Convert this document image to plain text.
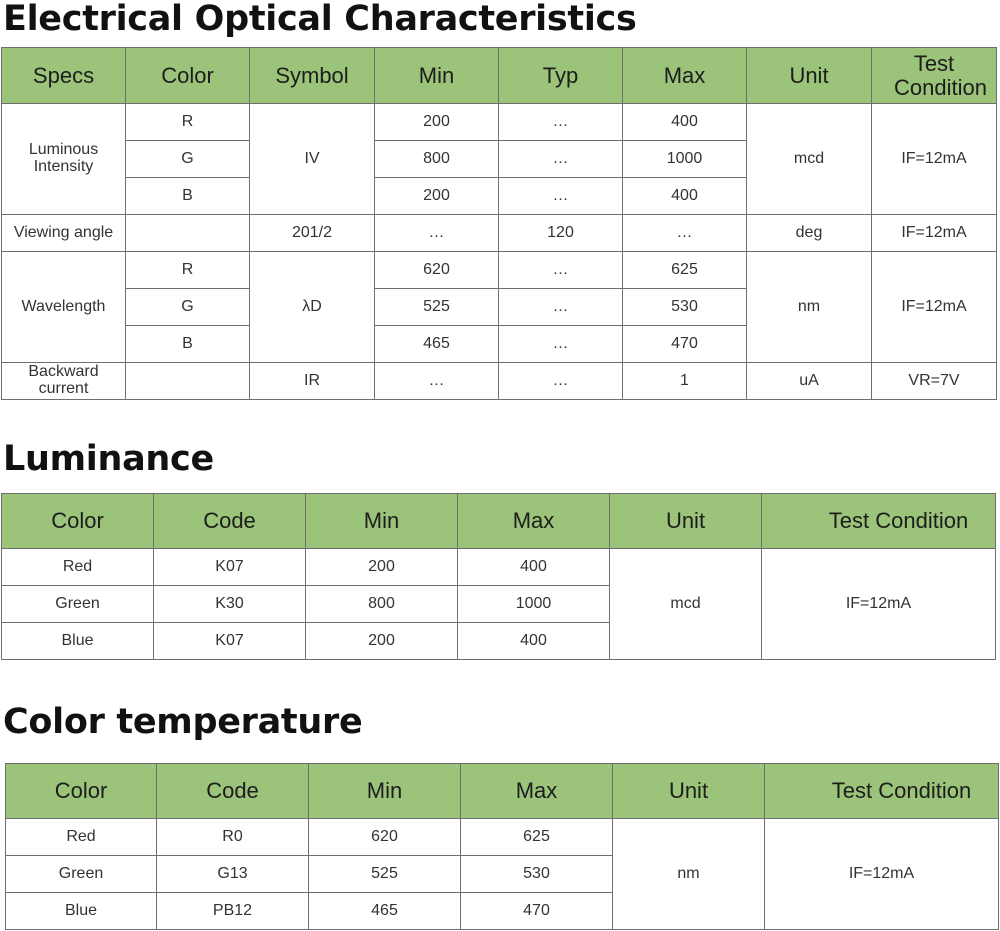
Electrical Optical Characteristics
Specs	Color	Symbol	Min	Typ	Max	Unit	Test Condition
Luminous Intensity	R	IV	200	…	400	mcd	IF=12mA
	G		800	…	1000		
	B		200	…	400		
Viewing angle		201/2	…	120	…	deg	IF=12mA
Wavelength	R	λD	620	…	625	nm	IF=12mA
	G		525	…	530		
	B		465	…	470		
Backward current		IR	…	…	1	uA	VR=7V
Luminance
Color	Code	Min	Max	Unit	Test Condition
Red	K07	200	400	mcd	IF=12mA
Green	K30	800	1000		
Blue	K07	200	400		
Color temperature
Color	Code	Min	Max	Unit	Test Condition
Red	R0	620	625	nm	IF=12mA
Green	G13	525	530		
Blue	PB12	465	470		
